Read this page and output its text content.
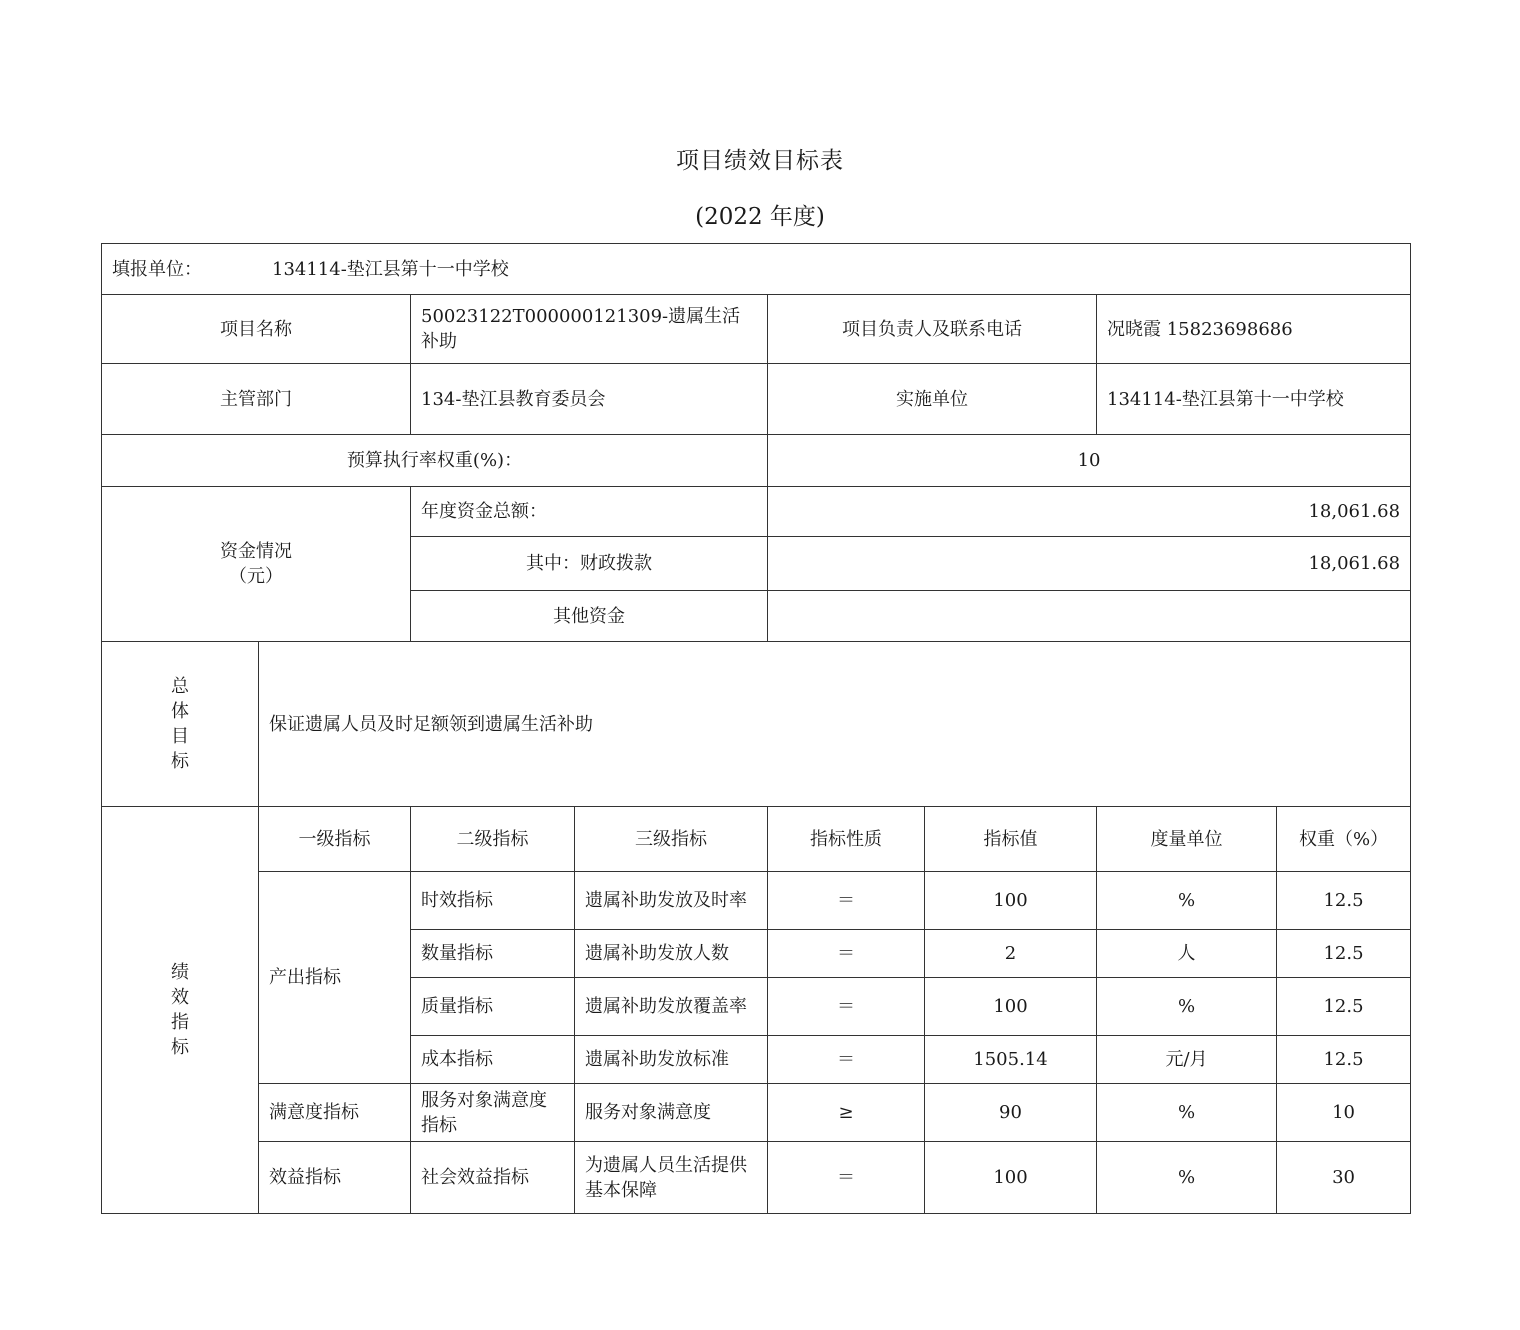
项目绩效目标表
(2022 年度)
填报单位： 134114-垫江县第十一中学校							
项目名称		50023122T000000121309-遗属生活补助		项目负责人及联系电话		况晓霞 15823698686	
主管部门		134-垫江县教育委员会		实施单位		134114-垫江县第十一中学校	
预算执行率权重(%)：				10			

资金情况
（元）		年度资金总额：		18,061.68			
		其中：财政拨款		18,061.68			
		其他资金					

总
体
目
标	保证遗属人员及时足额领到遗属生活补助						

绩
效
指
标	一级指标	二级指标	三级指标	指标性质	指标值	度量单位	权重（%）
	产出指标	时效指标	遗属补助发放及时率	＝	100	%	12.5
		数量指标	遗属补助发放人数	＝	2	人	12.5
		质量指标	遗属补助发放覆盖率	＝	100	%	12.5
		成本指标	遗属补助发放标准	＝	1505.14	元/月	12.5
	满意度指标	服务对象满意度指标	服务对象满意度	≥	90	%	10
	效益指标	社会效益指标	为遗属人员生活提供基本保障	＝	100	%	30
